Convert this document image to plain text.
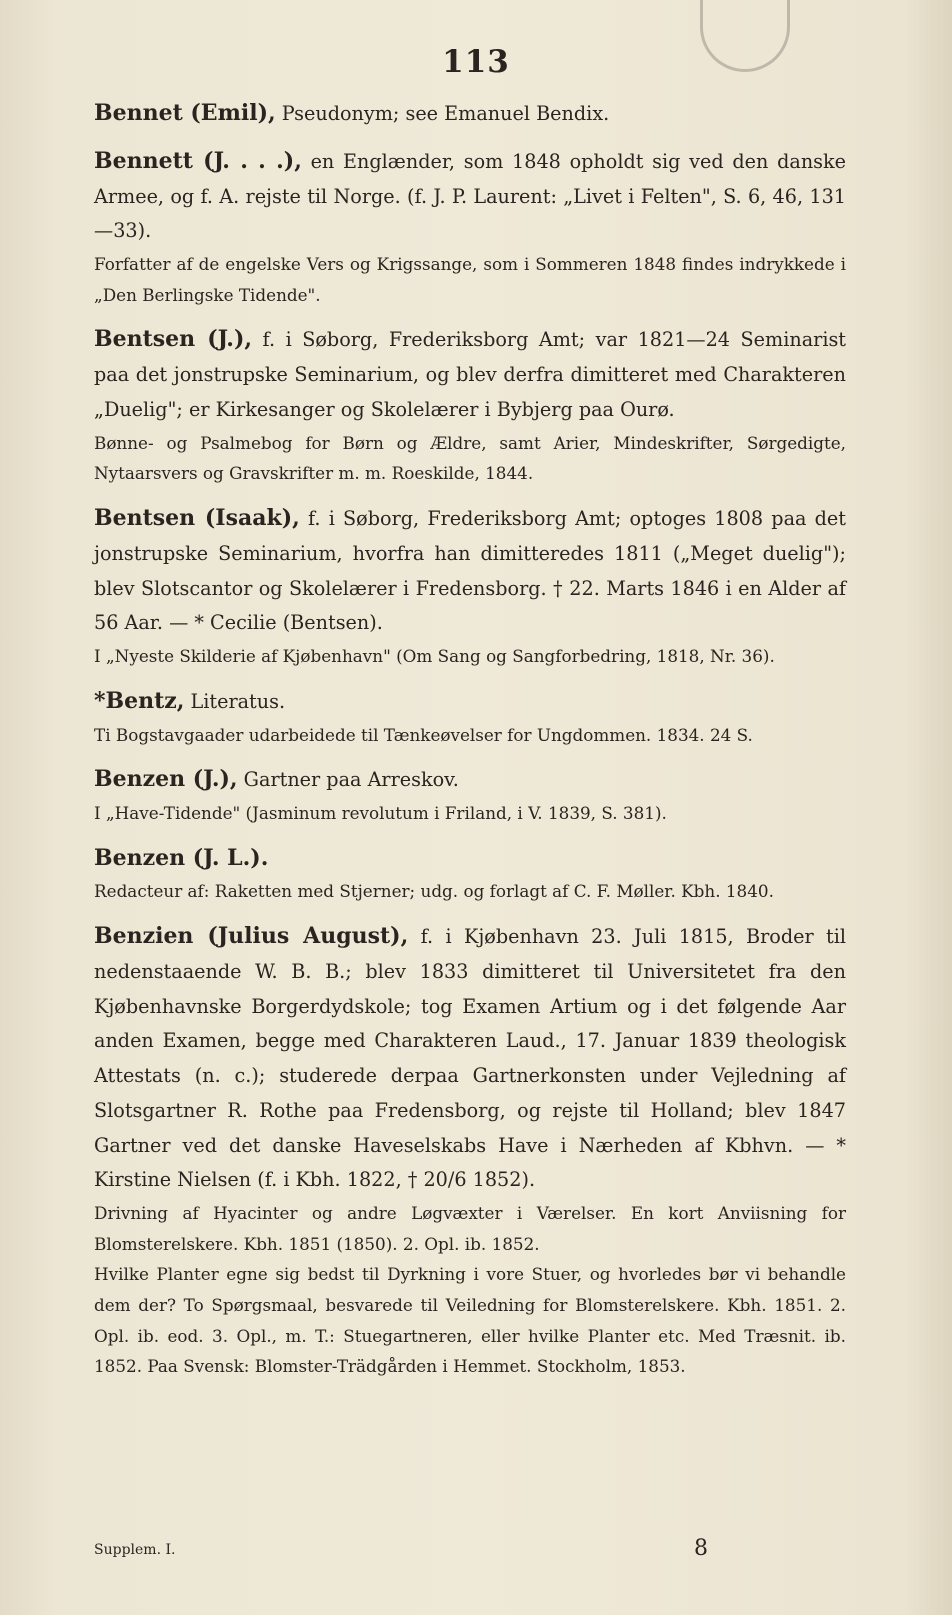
113
Bennet (Emil), Pseudonym; see Emanuel Bendix.
Bennett (J. . . .), en Englænder, som 1848 opholdt sig ved den danske Armee, og f. A. rejste til Norge. (f. J. P. Laurent: „Livet i Felten", S. 6, 46, 131—33).
Forfatter af de engelske Vers og Krigssange, som i Sommeren 1848 findes indrykkede i „Den Berlingske Tidende".
Bentsen (J.), f. i Søborg, Frederiksborg Amt; var 1821—24 Seminarist paa det jonstrupske Seminarium, og blev derfra dimitteret med Charakteren „Duelig"; er Kirkesanger og Skolelærer i Bybjerg paa Ourø.
Bønne- og Psalmebog for Børn og Ældre, samt Arier, Mindeskrifter, Sørgedigte, Nytaarsvers og Gravskrifter m. m. Roeskilde, 1844.
Bentsen (Isaak), f. i Søborg, Frederiksborg Amt; optoges 1808 paa det jonstrupske Seminarium, hvorfra han dimitteredes 1811 („Meget duelig"); blev Slotscantor og Skolelærer i Fredensborg. † 22. Marts 1846 i en Alder af 56 Aar. — * Cecilie (Bentsen).
I „Nyeste Skilderie af Kjøbenhavn" (Om Sang og Sangforbedring, 1818, Nr. 36).
*Bentz, Literatus.
Ti Bogstavgaader udarbeidede til Tænkeøvelser for Ungdommen. 1834. 24 S.
Benzen (J.), Gartner paa Arreskov.
I „Have-Tidende" (Jasminum revolutum i Friland, i V. 1839, S. 381).
Benzen (J. L.).
Redacteur af: Raketten med Stjerner; udg. og forlagt af C. F. Møller. Kbh. 1840.
Benzien (Julius August), f. i Kjøbenhavn 23. Juli 1815, Broder til nedenstaaende W. B. B.; blev 1833 dimitteret til Universitetet fra den Kjøbenhavnske Borgerdydskole; tog Examen Artium og i det følgende Aar anden Examen, begge med Charakteren Laud., 17. Januar 1839 theologisk Attestats (n. c.); studerede derpaa Gartnerkonsten under Vejledning af Slotsgartner R. Rothe paa Fredensborg, og rejste til Holland; blev 1847 Gartner ved det danske Haveselskabs Have i Nærheden af Kbhvn. — * Kirstine Nielsen (f. i Kbh. 1822, † 20/6 1852).
Drivning af Hyacinter og andre Løgvæxter i Værelser. En kort Anviisning for Blomsterelskere. Kbh. 1851 (1850). 2. Opl. ib. 1852.
Hvilke Planter egne sig bedst til Dyrkning i vore Stuer, og hvorledes bør vi behandle dem der? To Spørgsmaal, besvarede til Veiledning for Blomsterelskere. Kbh. 1851. 2. Opl. ib. eod. 3. Opl., m. T.: Stuegartneren, eller hvilke Planter etc. Med Træsnit. ib. 1852. Paa Svensk: Blomster-Trädgården i Hemmet. Stockholm, 1853.
Supplem. I.	8
